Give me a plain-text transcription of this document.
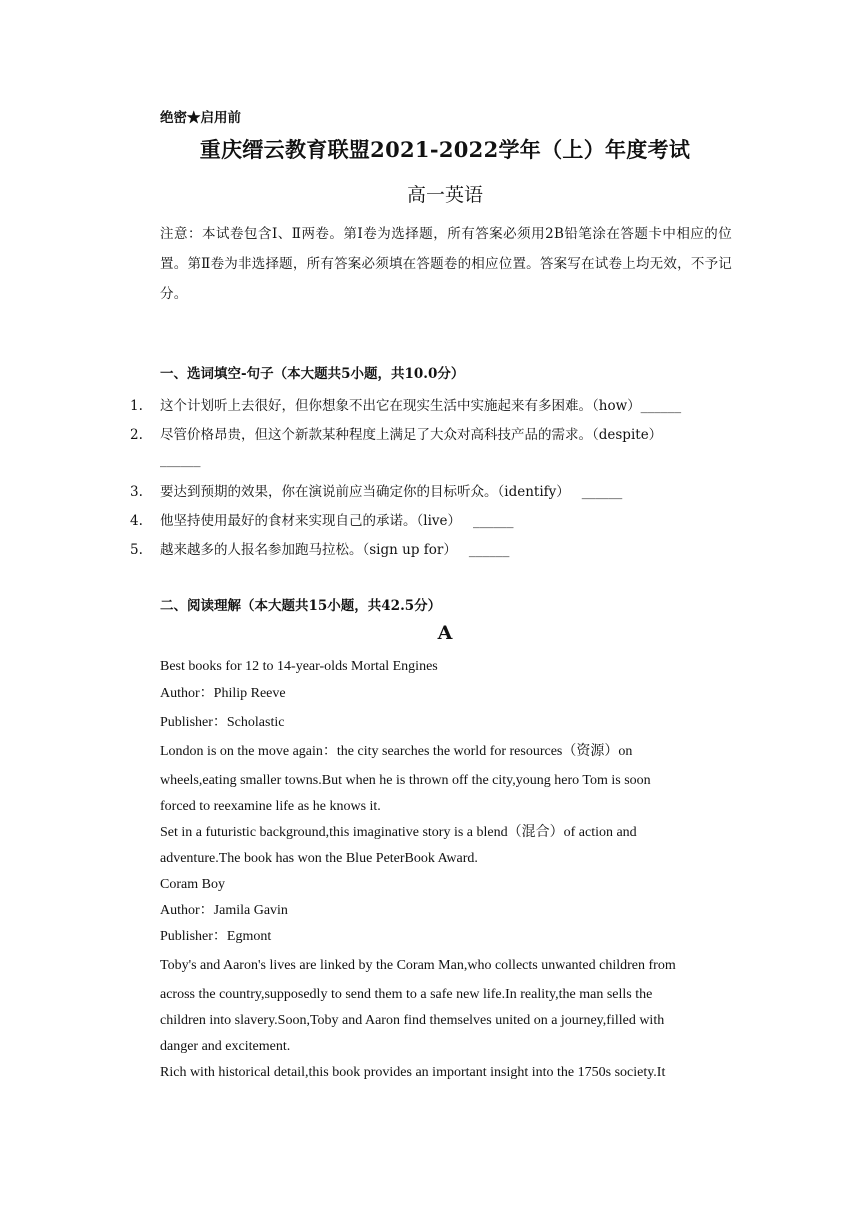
绝密★启用前
重庆缙云教育联盟2021-2022学年（上）年度考试
高一英语
注意：本试卷包含Ⅰ、Ⅱ两卷。第Ⅰ卷为选择题，所有答案必须用2B铅笔涂在答题卡中相应的位置。第Ⅱ卷为非选择题，所有答案必须填在答题卷的相应位置。答案写在试卷上均无效，不予记分。
一、选词填空-句子（本大题共5小题，共10.0分）
1. 这个计划听上去很好，但你想象不出它在现实生活中实施起来有多困难。（how）______
2. 尽管价格昂贵，但这个新款某种程度上满足了大众对高科技产品的需求。（despite）
______
3. 要达到预期的效果，你在演说前应当确定你的目标听众。（identify） ______
4. 他坚持使用最好的食材来实现自己的承诺。（live） ______
5. 越来越多的人报名参加跑马拉松。（sign up for） ______
二、阅读理解（本大题共15小题，共42.5分）
A
Best books for 12 to 14-year-olds Mortal Engines
Author：Philip Reeve
Publisher：Scholastic
London is on the move again：the city searches the world for resources（资源）on
wheels,eating smaller towns.But when he is thrown off the city,young hero Tom is soon
forced to reexamine life as he knows it.
Set in a futuristic background,this imaginative story is a blend（混合）of action and
adventure.The book has won the Blue PeterBook Award.
Coram Boy
Author：Jamila Gavin
Publisher：Egmont
Toby's and Aaron's lives are linked by the Coram Man,who collects unwanted children from
across the country,supposedly to send them to a safe new life.In reality,the man sells the
children into slavery.Soon,Toby and Aaron find themselves united on a journey,filled with
danger and excitement.
Rich with historical detail,this book provides an important insight into the 1750s society.It
